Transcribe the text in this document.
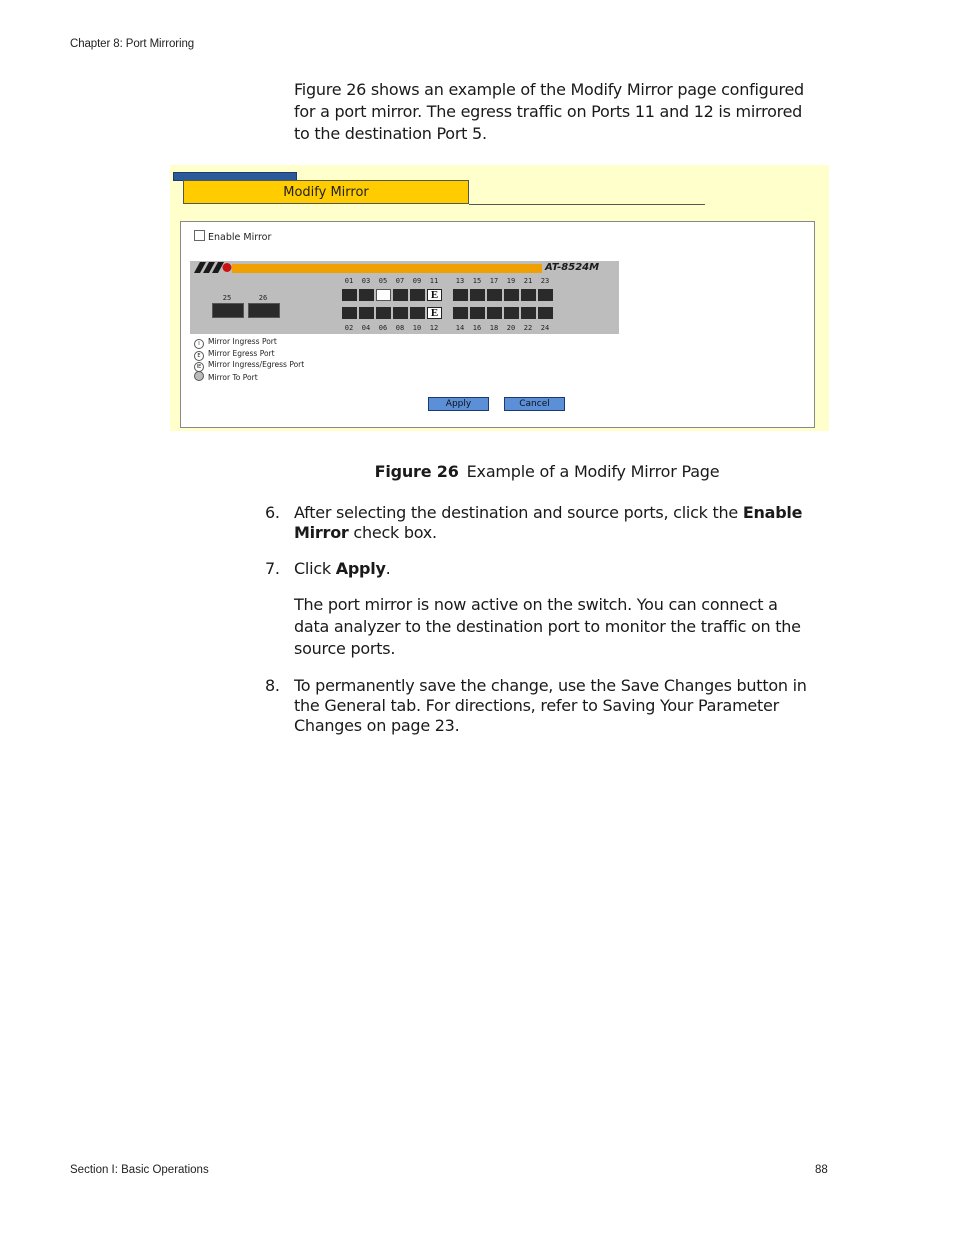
Chapter 8: Port Mirroring
Figure 26 shows an example of the Modify Mirror page configured for a port mirror. The egress traffic on Ports 11 and 12 is mirrored to the destination Port 5.
Modify Mirror
Enable Mirror
AT-8524M
25	26
01	03	05	07	09	11	13	15	17	19	21	23
02	04	06	08	10	12	14	16	18	20	22	24
E
E
I Mirror Ingress Port
E Mirror Egress Port
IE Mirror Ingress/Egress Port
Mirror To Port
Apply	Cancel
Figure 26 Example of a Modify Mirror Page
6. After selecting the destination and source ports, click the Enable Mirror check box.
7. Click Apply.
The port mirror is now active on the switch. You can connect a data analyzer to the destination port to monitor the traffic on the source ports.
8. To permanently save the change, use the Save Changes button in the General tab. For directions, refer to Saving Your Parameter Changes on page 23.
Section I: Basic Operations	88
